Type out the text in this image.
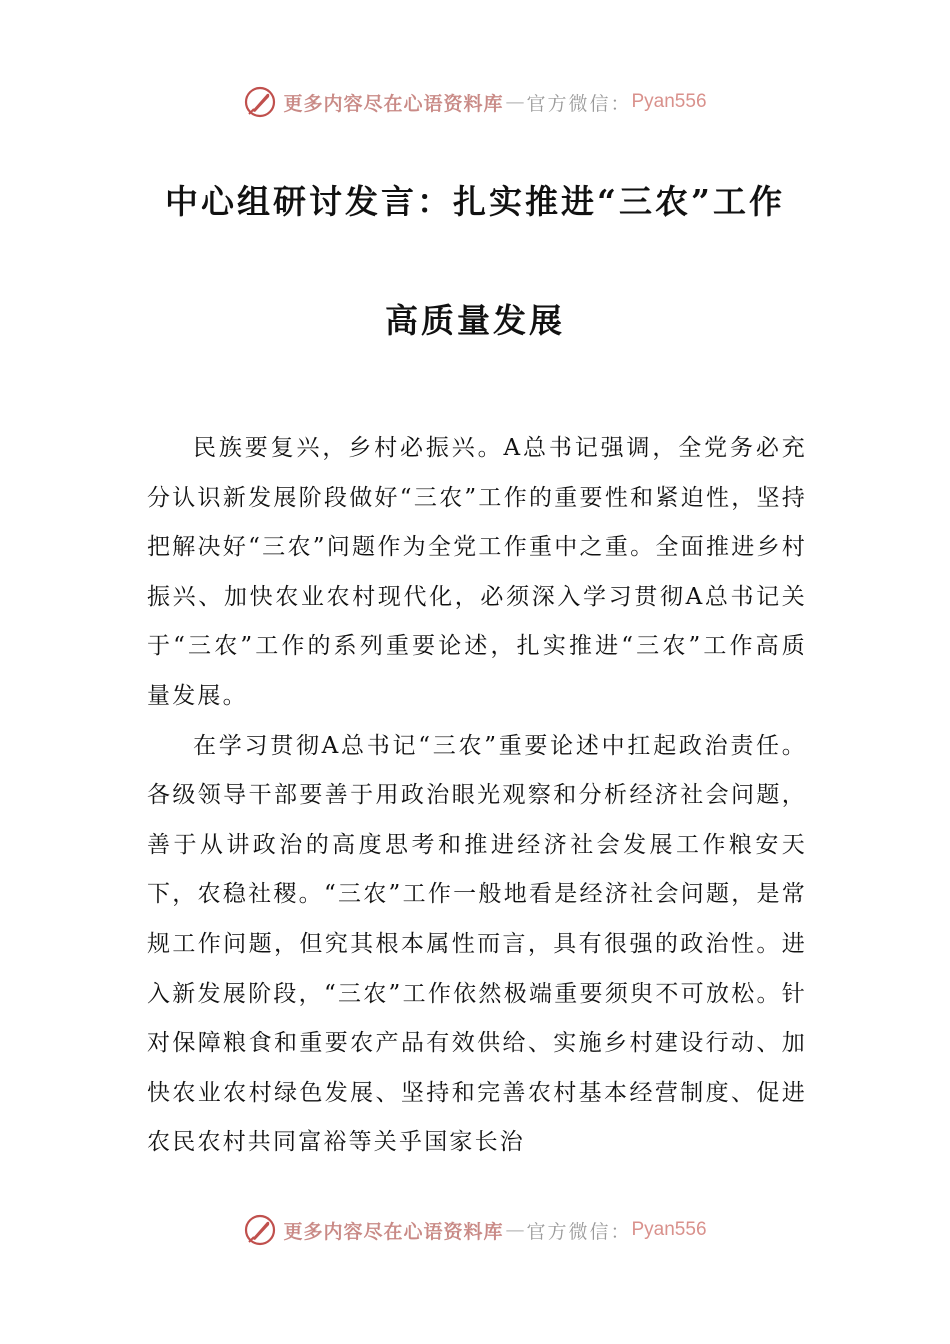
更多内容尽在心语资料库 — 官方微信： Pyan556
中心组研讨发言：扎实推进“三农”工作
高质量发展

民族要复兴，乡村必振兴。A总书记强调，全党务必充分认识新发展阶段做好“三农”工作的重要性和紧迫性，坚持把解决好“三农”问题作为全党工作重中之重。全面推进乡村振兴、加快农业农村现代化，必须深入学习贯彻A总书记关于“三农”工作的系列重要论述，扎实推进“三农”工作高质量发展。

在学习贯彻A总书记“三农”重要论述中扛起政治责任。各级领导干部要善于用政治眼光观察和分析经济社会问题，善于从讲政治的高度思考和推进经济社会发展工作粮安天下，农稳社稷。“三农”工作一般地看是经济社会问题，是常规工作问题，但究其根本属性而言，具有很强的政治性。进入新发展阶段，“三农”工作依然极端重要须臾不可放松。针对保障粮食和重要农产品有效供给、实施乡村建设行动、加快农业农村绿色发展、坚持和完善农村基本经营制度、促进农民农村共同富裕等关乎国家长治

更多内容尽在心语资料库 — 官方微信： Pyan556
